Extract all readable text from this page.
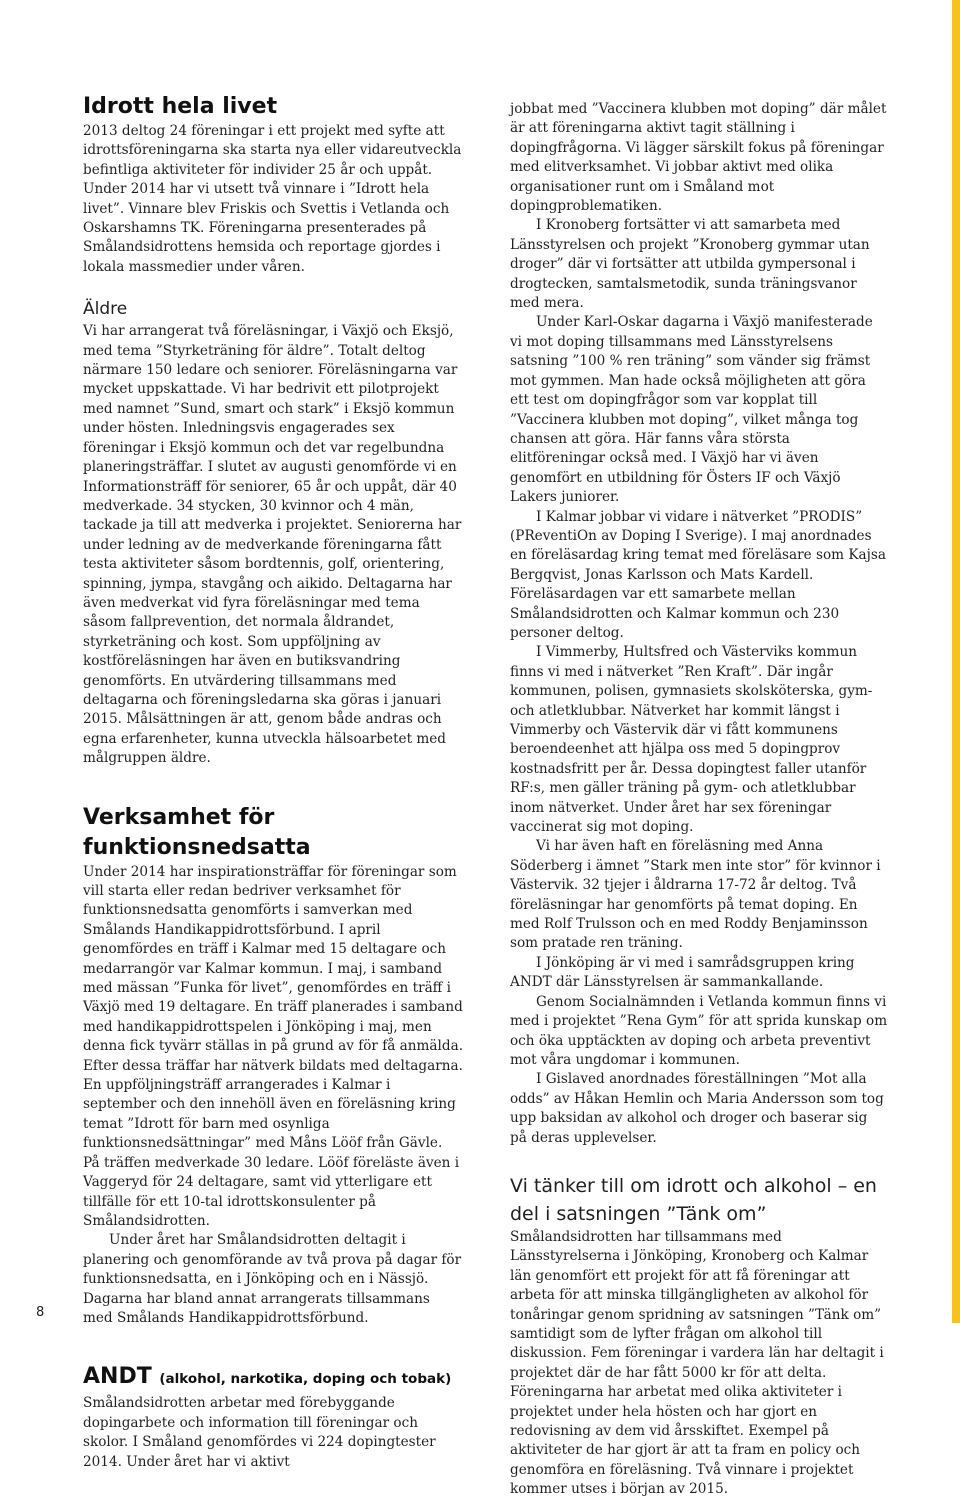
Idrott hela livet

2013 deltog 24 föreningar i ett projekt med syfte att idrottsföreningarna ska starta nya eller vidareutveckla befintliga aktiviteter för individer 25 år och uppåt. Under 2014 har vi utsett två vinnare i ”Idrott hela livet”. Vinnare blev Friskis och Svettis i Vetlanda och Oskarshamns TK. Föreningarna presenterades på Smålandsidrottens hemsida och reportage gjordes i lokala massmedier under våren.

Äldre

Vi har arrangerat två föreläsningar, i Växjö och Eksjö, med tema ”Styrketräning för äldre”. Totalt deltog närmare 150 ledare och seniorer. Föreläsningarna var mycket uppskattade. Vi har bedrivit ett pilotprojekt med namnet ”Sund, smart och stark” i Eksjö kommun under hösten. Inledningsvis engagerades sex föreningar i Eksjö kommun och det var regelbundna planeringsträffar. I slutet av augusti genomförde vi en Informationsträff för seniorer, 65 år och uppåt, där 40 medverkade. 34 stycken, 30 kvinnor och 4 män, tackade ja till att medverka i projektet. Seniorerna har under ledning av de medverkande föreningarna fått testa aktiviteter såsom bordtennis, golf, orientering, spinning, jympa, stavgång och aikido. Deltagarna har även medverkat vid fyra föreläsningar med tema såsom fallprevention, det normala åldrandet, styrketräning och kost. Som uppföljning av kostföreläsningen har även en butiksvandring genomförts. En utvärdering tillsammans med deltagarna och föreningsledarna ska göras i januari 2015. Målsättningen är att, genom både andras och egna erfarenheter, kunna utveckla hälsoarbetet med målgruppen äldre.

Verksamhet för funktionsnedsatta

Under 2014 har inspirationsträffar för föreningar som vill starta eller redan bedriver verksamhet för funktionsnedsatta genomförts i samverkan med Smålands Handikappidrottsförbund. I april genomfördes en träff i Kalmar med 15 deltagare och medarrangör var Kalmar kommun. I maj, i samband med mässan ”Funka för livet”, genomfördes en träff i Växjö med 19 deltagare. En träff planerades i samband med handikappidrottspelen i Jönköping i maj, men denna fick tyvärr ställas in på grund av för få anmälda. Efter dessa träffar har nätverk bildats med deltagarna. En uppföljningsträff arrangerades i Kalmar i september och den innehöll även en föreläsning kring temat ”Idrott för barn med osynliga funktionsnedsättningar” med Måns Lööf från Gävle. På träffen medverkade 30 ledare. Lööf föreläste även i Vaggeryd för 24 deltagare, samt vid ytterligare ett tillfälle för ett 10-tal idrottskonsulenter på Smålandsidrotten.

Under året har Smålandsidrotten deltagit i planering och genomförande av två prova på dagar för funktionsnedsatta, en i Jönköping och en i Nässjö. Dagarna har bland annat arrangerats tillsammans med Smålands Handikappidrottsförbund.

ANDT (alkohol, narkotika, doping och tobak)

Smålandsidrotten arbetar med förebyggande dopingarbete och information till föreningar och skolor. I Småland genomfördes vi 224 dopingtester 2014. Under året har vi aktivt

jobbat med ”Vaccinera klubben mot doping” där målet är att föreningarna aktivt tagit ställning i dopingfrågorna. Vi lägger särskilt fokus på föreningar med elitverksamhet. Vi jobbar aktivt med olika organisationer runt om i Småland mot dopingproblematiken.

I Kronoberg fortsätter vi att samarbeta med Länsstyrelsen och projekt ”Kronoberg gymmar utan droger” där vi fortsätter att utbilda gympersonal i drogtecken, samtalsmetodik, sunda träningsvanor med mera.

Under Karl-Oskar dagarna i Växjö manifesterade vi mot doping tillsammans med Länsstyrelsens satsning ”100 % ren träning” som vänder sig främst mot gymmen. Man hade också möjligheten att göra ett test om dopingfrågor som var kopplat till ”Vaccinera klubben mot doping”, vilket många tog chansen att göra. Här fanns våra största elitföreningar också med. I Växjö har vi även genomfört en utbildning för Östers IF och Växjö Lakers juniorer.

I Kalmar jobbar vi vidare i nätverket ”PRODIS” (PReventiOn av Doping I Sverige). I maj anordnades en föreläsardag kring temat med föreläsare som Kajsa Bergqvist, Jonas Karlsson och Mats Kardell. Föreläsardagen var ett samarbete mellan Smålandsidrotten och Kalmar kommun och 230 personer deltog.

I Vimmerby, Hultsfred och Västerviks kommun finns vi med i nätverket ”Ren Kraft”. Där ingår kommunen, polisen, gymnasiets skolsköterska, gym- och atletklubbar. Nätverket har kommit längst i Vimmerby och Västervik där vi fått kommunens beroendeenhet att hjälpa oss med 5 dopingprov kostnadsfritt per år. Dessa dopingtest faller utanför RF:s, men gäller träning på gym- och atletklubbar inom nätverket. Under året har sex föreningar vaccinerat sig mot doping.

Vi har även haft en föreläsning med Anna Söderberg i ämnet ”Stark men inte stor” för kvinnor i Västervik. 32 tjejer i åldrarna 17-72 år deltog. Två föreläsningar har genomförts på temat doping. En med Rolf Trulsson och en med Roddy Benjaminsson som pratade ren träning.

I Jönköping är vi med i samrådsgruppen kring ANDT där Länsstyrelsen är sammankallande.

Genom Socialnämnden i Vetlanda kommun finns vi med i projektet ”Rena Gym” för att sprida kunskap om och öka upptäckten av doping och arbeta preventivt mot våra ungdomar i kommunen.

I Gislaved anordnades föreställningen ”Mot alla odds” av Håkan Hemlin och Maria Andersson som tog upp baksidan av alkohol och droger och baserar sig på deras upplevelser.

Vi tänker till om idrott och alkohol – en del i satsningen ”Tänk om”

Smålandsidrotten har tillsammans med Länsstyrelserna i Jönköping, Kronoberg och Kalmar län genomfört ett projekt för att få föreningar att arbeta för att minska tillgängligheten av alkohol för tonåringar genom spridning av satsningen ”Tänk om” samtidigt som de lyfter frågan om alkohol till diskussion. Fem föreningar i vardera län har deltagit i projektet där de har fått 5000 kr för att delta. Föreningarna har arbetat med olika aktiviteter i projektet under hela hösten och har gjort en redovisning av dem vid årsskiftet. Exempel på aktiviteter de har gjort är att ta fram en policy och genomföra en föreläsning. Två vinnare i projektet kommer utses i början av 2015.

8
